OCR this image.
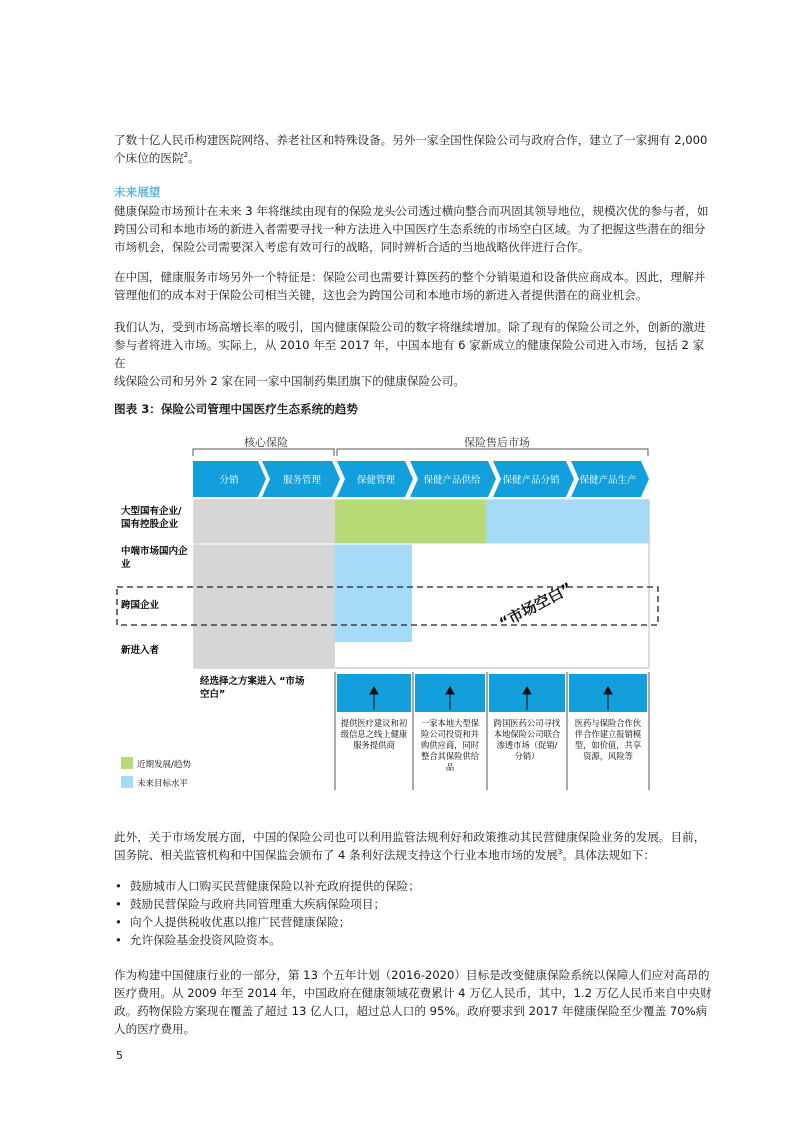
了数十亿人民币构建医院网络、养老社区和特殊设备。另外一家全国性保险公司与政府合作，建立了一家拥有 2,000
个床位的医院$^2$。
未来展望
健康保险市场预计在未来 3 年将继续由现有的保险龙头公司透过横向整合而巩固其领导地位，规模次优的参与者，如
跨国公司和本地市场的新进入者需要寻找一种方法进入中国医疗生态系统的市场空白区域。为了把握这些潜在的细分
市场机会，保险公司需要深入考虑有效可行的战略，同时辨析合适的当地战略伙伴进行合作。
在中国，健康服务市场另外一个特征是：保险公司也需要计算医药的整个分销渠道和设备供应商成本。因此，理解并
管理他们的成本对于保险公司相当关键，这也会为跨国公司和本地市场的新进入者提供潜在的商业机会。
我们认为，受到市场高增长率的吸引，国内健康保险公司的数字将继续增加。除了现有的保险公司之外，创新的激进
参与者将进入市场。实际上，从 2010 年至 2017 年，中国本地有 6 家新成立的健康保险公司进入市场，包括 2 家在
线保险公司和另外 2 家在同一家中国制药集团旗下的健康保险公司。
图表 3：保险公司管理中国医疗生态系统的趋势
核心保险	保险售后市场
分销	服务管理	保健管理	保健产品供给 保健产品分销 保健产品生产
大型国有企业/
国有控股企业
中端市场国内企
业
跨国企业
新进入者
“市场空白”
经选择之方案进入 “市场
空白”
提供医疗建议和初
级信息之线上健康
服务提供商
一家本地大型保
险公司投资和并
购供应商，同时
整合其保险供给
品
跨国医药公司寻找
本地保险公司联合
渗透市场（促销/
分销）
医药与保险合作伙
伴合作建立报销模
型，如价值，共享
资源，风险等
近期发展/趋势
未来目标水平
此外，关于市场发展方面，中国的保险公司也可以利用监管法规利好和政策推动其民营健康保险业务的发展。目前，
国务院、相关监管机构和中国保监会颁布了 4 条利好法规支持这个行业本地市场的发展$^3$。具体法规如下：
• 鼓励城市人口购买民营健康保险以补充政府提供的保险；
• 鼓励民营保险与政府共同管理重大疾病保险项目；
• 向个人提供税收优惠以推广民营健康保险；
• 允许保险基金投资风险资本。
作为构建中国健康行业的一部分，第 13 个五年计划（2016-2020）目标是改变健康保险系统以保障人们应对高昂的
医疗费用。从 2009 年至 2014 年，中国政府在健康领域花费累计 4 万亿人民币，其中，1.2 万亿人民币来自中央财
政。药物保险方案现在覆盖了超过 13 亿人口，超过总人口的 95%。政府要求到 2017 年健康保险至少覆盖 70%病
人的医疗费用。
5
